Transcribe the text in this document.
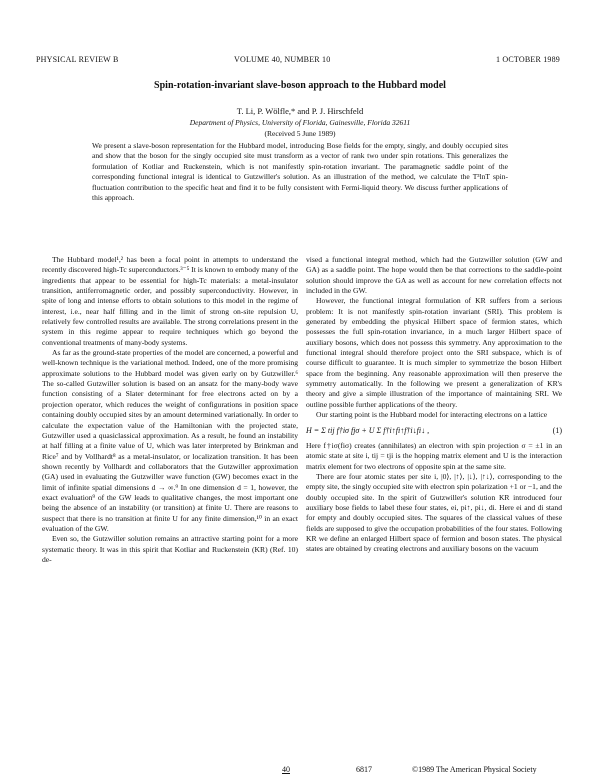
PHYSICAL REVIEW B	VOLUME 40, NUMBER 10	1 OCTOBER 1989
Spin-rotation-invariant slave-boson approach to the Hubbard model
T. Li, P. Wölfle,* and P. J. Hirschfeld
Department of Physics, University of Florida, Gainesville, Florida 32611
(Received 5 June 1989)
We present a slave-boson representation for the Hubbard model, introducing Bose fields for the empty, singly, and doubly occupied sites and show that the boson for the singly occupied site must transform as a vector of rank two under spin rotations. This generalizes the formulation of Kotliar and Ruckenstein, which is not manifestly spin-rotation invariant. The paramagnetic saddle point of the corresponding functional integral is identical to Gutzwiller's solution. As an illustration of the method, we calculate the T³lnT spin-fluctuation contribution to the specific heat and find it to be fully consistent with Fermi-liquid theory. We discuss further applications of this approach.

The Hubbard model¹,² has been a focal point in attempts to understand the recently discovered high-Tc superconductors.³⁻⁵ It is known to embody many of the ingredients that appear to be essential for high-Tc materials: a metal-insulator transition, antiferromagnetic order, and possibly superconductivity. However, in spite of long and intense efforts to obtain solutions to this model in the regime of interest, i.e., near half filling and in the limit of strong on-site repulsion U, relatively few controlled results are available. The strong correlations present in the system in this regime appear to require techniques which go beyond the conventional treatments of many-body systems.

As far as the ground-state properties of the model are concerned, a powerful and well-known technique is the variational method. Indeed, one of the more promising approximate solutions to the Hubbard model was given early on by Gutzwiller.⁶ The so-called Gutzwiller solution is based on an ansatz for the many-body wave function consisting of a Slater determinant for free electrons acted on by a projection operator, which reduces the weight of configurations in position space containing doubly occupied sites by an amount determined variationally. In order to calculate the expectation value of the Hamiltonian with the projected state, Gutzwiller used a quasiclassical approximation. As a result, he found an instability at half filling at a finite value of U, which was later interpreted by Brinkman and Rice⁷ and by Vollhardt⁸ as a metal-insulator, or localization transition. It has been shown recently by Vollhardt and collaborators that the Gutzwiller approximation (GA) used in evaluating the Gutzwiller wave function (GW) becomes exact in the limit of infinite spatial dimensions d → ∞.⁹ In one dimension d = 1, however, the exact evaluation⁹ of the GW leads to qualitative changes, the most important one being the absence of an instability (or transition) at finite U. There are reasons to suspect that there is no transition at finite U for any finite dimension,¹⁰ in an exact evaluation of the GW.

Even so, the Gutzwiller solution remains an attractive starting point for a more systematic theory. It was in this spirit that Kotliar and Ruckenstein (KR) (Ref. 10) de-

vised a functional integral method, which had the Gutzwiller solution (GW and GA) as a saddle point. The hope would then be that corrections to the saddle-point solution should improve the GA as well as account for new correlation effects not included in the GW.

However, the functional integral formulation of KR suffers from a serious problem: It is not manifestly spin-rotation invariant (SRI). This problem is generated by embedding the physical Hilbert space of fermion states, which possesses the full spin-rotation invariance, in a much larger Hilbert space of auxiliary bosons, which does not possess this symmetry. Any approximation to the functional integral should therefore project onto the SRI subspace, which is of course difficult to guarantee. It is much simpler to symmetrize the boson Hilbert space from the beginning. Any reasonable approximation will then preserve the symmetry automatically. In the following we present a generalization of KR's theory and give a simple illustration of the importance of maintaining SRI. We outline possible further applications of the theory.

Our starting point is the Hubbard model for interacting electrons on a lattice

H = Σ tij f†iσ fjσ + U Σ f†i↑fi↑f†i↓fi↓ ,	(1)

Here f†iσ(fiσ) creates (annihilates) an electron with spin projection σ = ±1 in an atomic state at site i, tij = tji is the hopping matrix element and U is the interaction matrix element for two electrons of opposite spin at the same site.

There are four atomic states per site i, |0⟩, |↑⟩, |↓⟩, |↑↓⟩, corresponding to the empty site, the singly occupied site with electron spin polarization +1 or −1, and the doubly occupied site. In the spirit of Gutzwiller's solution KR introduced four auxiliary bose fields to label these four states, ei, pi↑, pi↓, di. Here ei and di stand for empty and doubly occupied sites. The squares of the classical values of these fields are supposed to give the occupation probabilities of the four states. Following KR we define an enlarged Hilbert space of fermion and boson states. The physical states are obtained by creating electrons and auxiliary bosons on the vacuum

40	6817	©1989 The American Physical Society
